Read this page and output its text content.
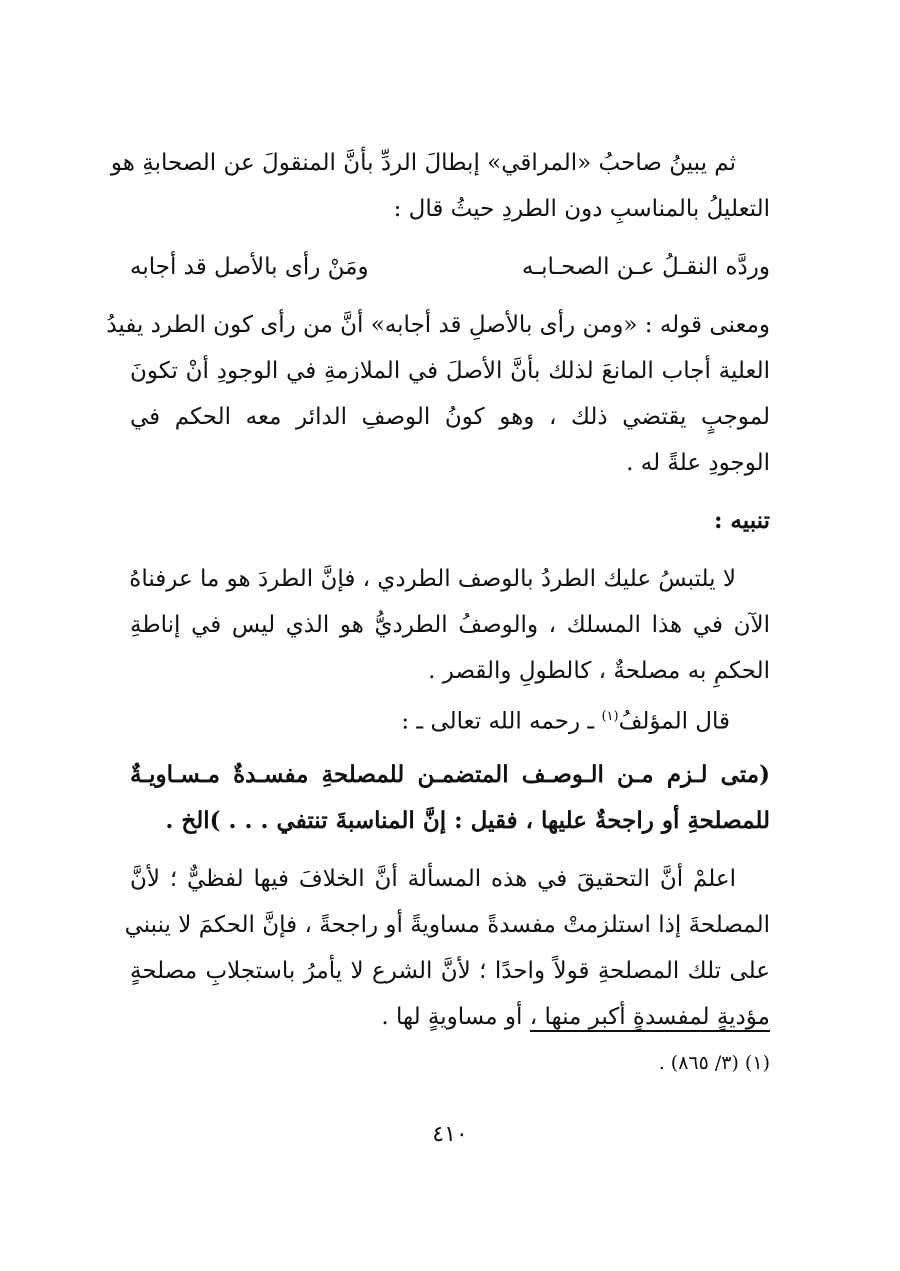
ثم يبينُ صاحبُ «المراقي» إبطالَ الردِّ بأنَّ المنقولَ عن الصحابةِ هو
التعليلُ بالمناسبِ دون الطردِ حيثُ قال :
وردَّه النقـلُ عـن الصحـابـه
ومَنْ رأى بالأصل قد أجابه
ومعنى قوله : «ومن رأى بالأصلِ قد أجابه» أنَّ من رأى كون الطرد يفيدُ
العلية أجاب المانعَ لذلك بأنَّ الأصلَ في الملازمةِ في الوجودِ أنْ تكونَ
لموجبٍ يقتضي ذلك ، وهو كونُ الوصفِ الدائر معه الحكم في
الوجودِ علةً له .
تنبيه :
لا يلتبسُ عليك الطردُ بالوصف الطردي ، فإنَّ الطردَ هو ما عرفناهُ
الآن في هذا المسلك ، والوصفُ الطرديُّ هو الذي ليس في إناطةِ
الحكمِ به مصلحةٌ ، كالطولِ والقصر .
قال المؤلفُ$^{(١)}$ ـ رحمه الله تعالى ـ :
(متى لـزم مـن الـوصـف المتضمـن للمصلحةِ مفسـدةٌ مـسـاويـةٌ
للمصلحةِ أو راجحةٌ عليها ، فقيل : إنَّ المناسبةَ تنتفي . . . )الخ .
اعلمْ أنَّ التحقيقَ في هذه المسألة أنَّ الخلافَ فيها لفظيٌّ ؛ لأنَّ
المصلحةَ إذا استلزمتْ مفسدةً مساويةً أو راجحةً ، فإنَّ الحكمَ لا ينبني
على تلك المصلحةِ قولاً واحدًا ؛ لأنَّ الشرع لا يأمرُ باستجلابِ مصلحةٍ
مؤديةٍ لمفسدةٍ أكبر منها ، أو مساويةٍ لها .
(١) (٣/ ٨٦٥) .
٤١٠
